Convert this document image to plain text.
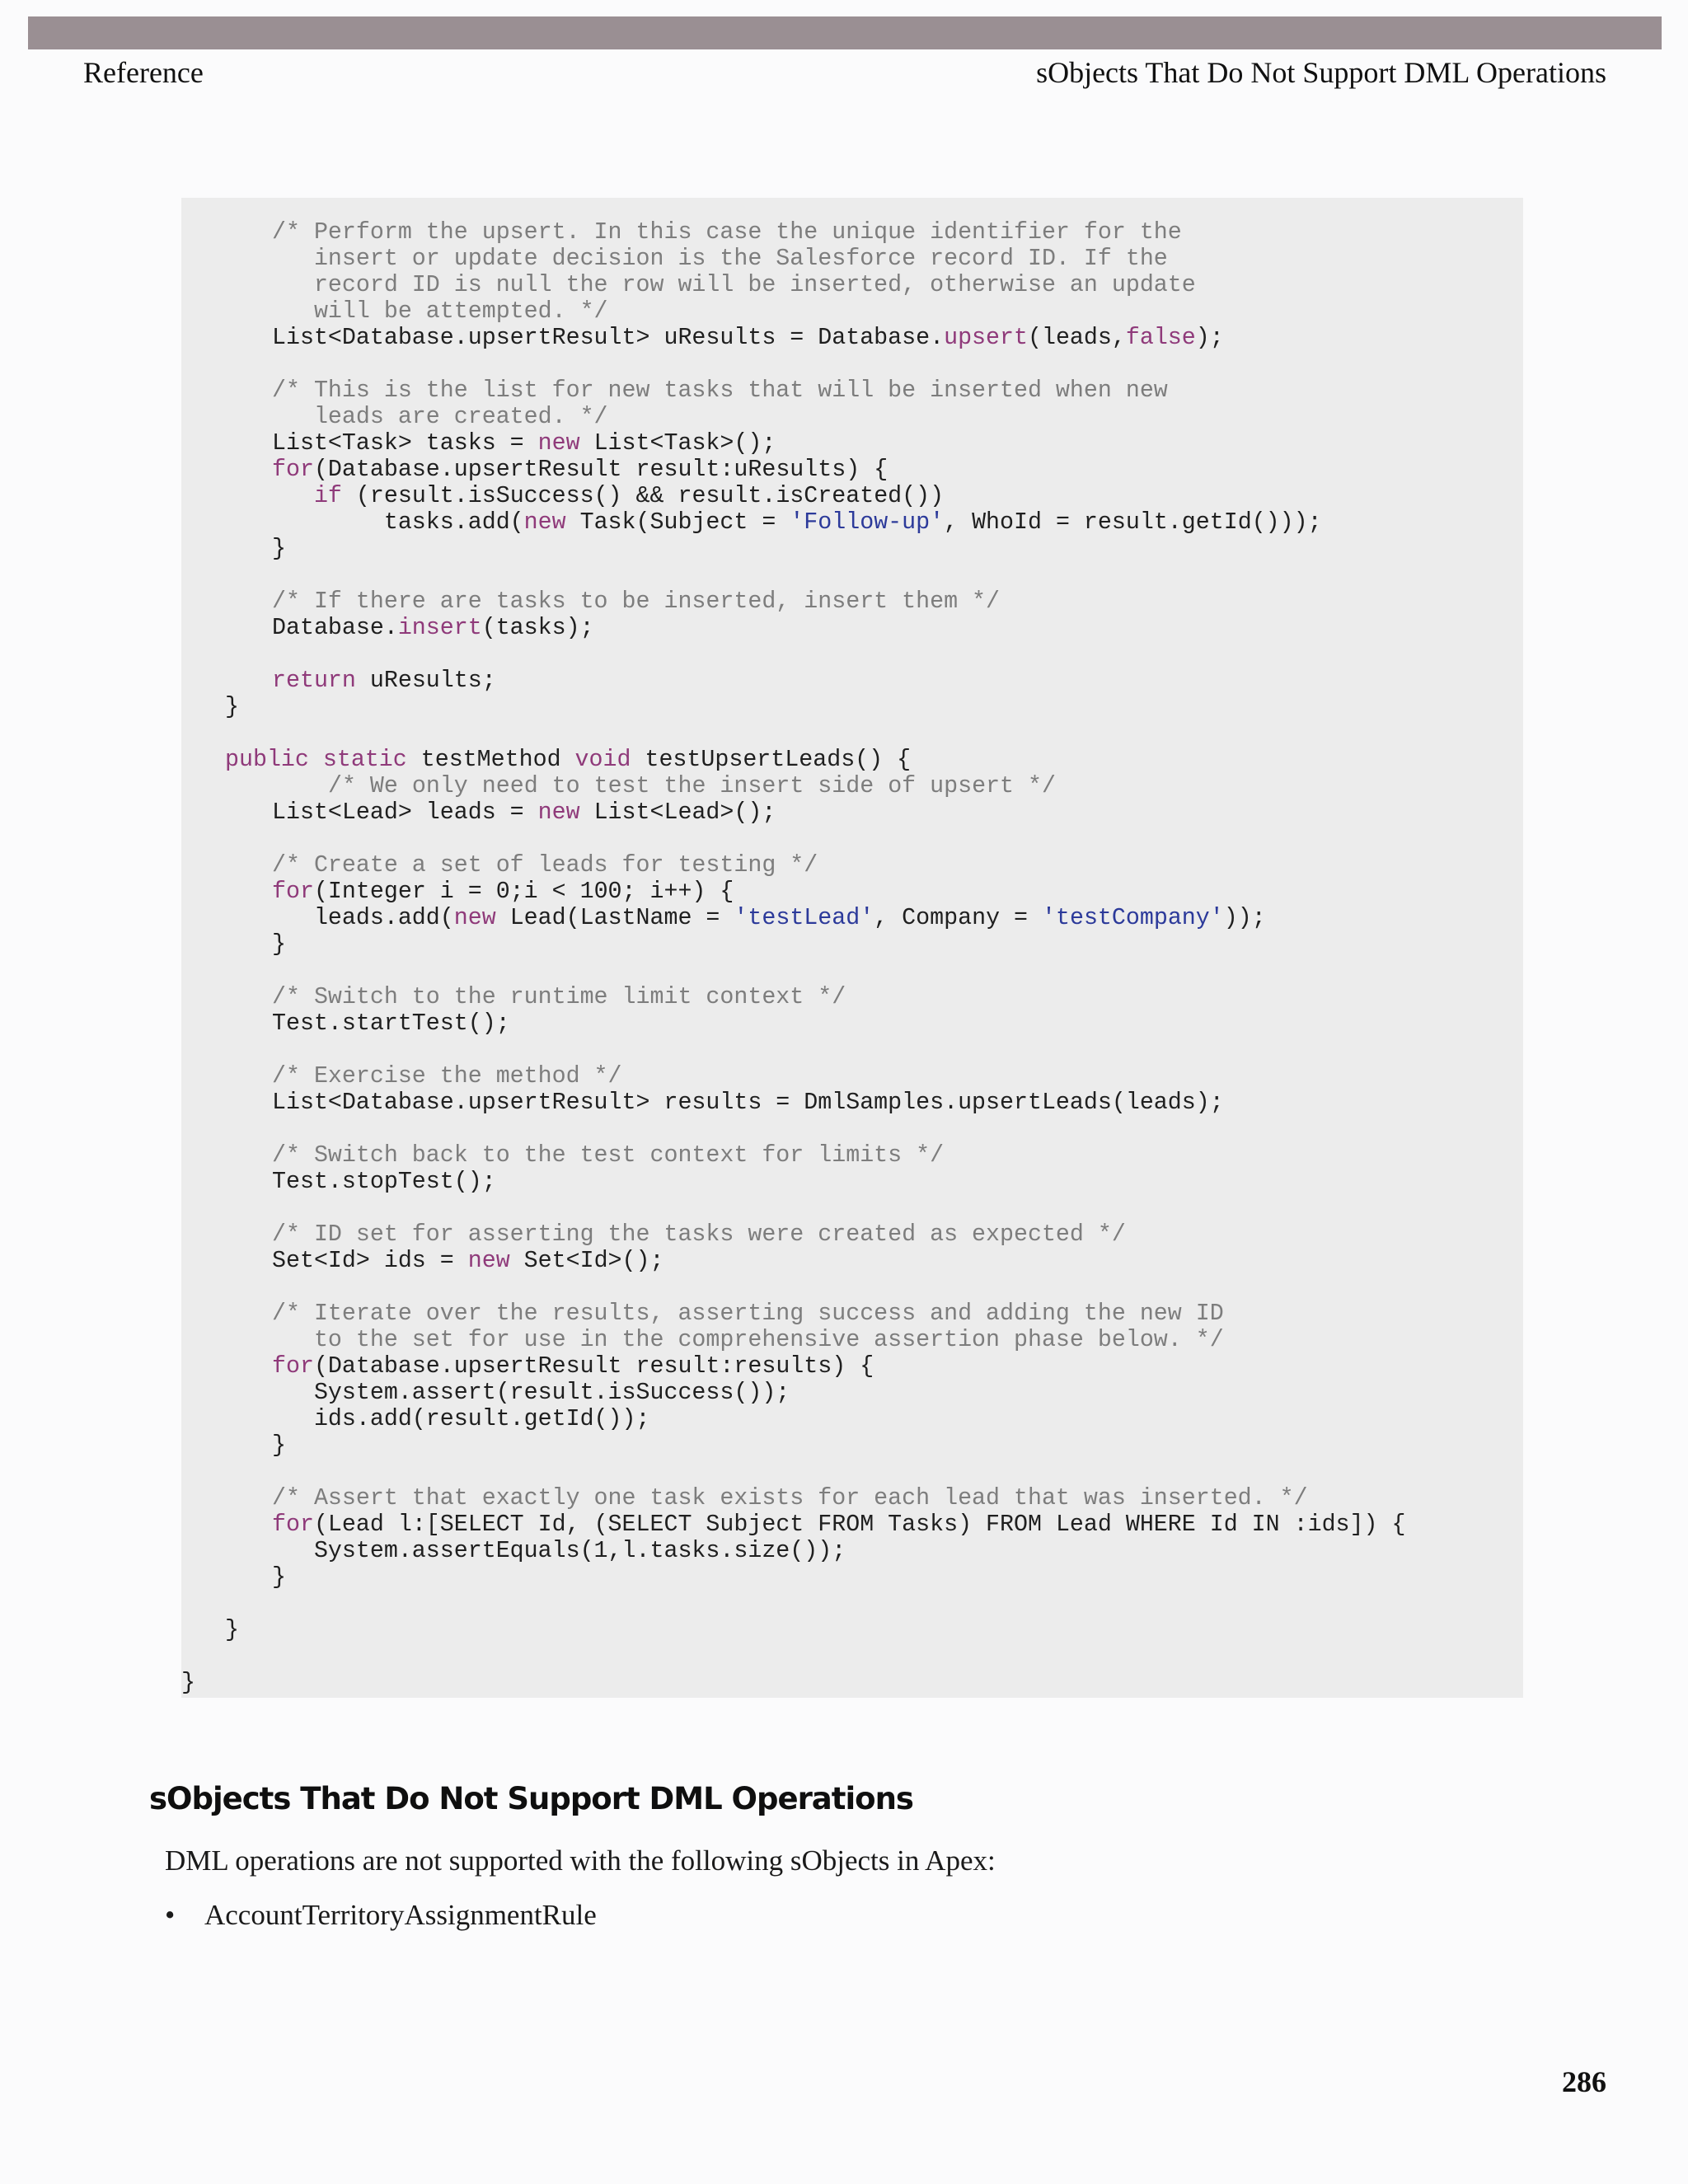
Reference	sObjects That Do Not Support DML Operations
/* Perform the upsert. In this case the unique identifier for the
insert or update decision is the Salesforce record ID. If the
record ID is null the row will be inserted, otherwise an update
will be attempted. */
List<Database.upsertResult> uResults = Database.upsert(leads,false);
/* This is the list for new tasks that will be inserted when new
leads are created. */
List<Task> tasks = new List<Task>();
for(Database.upsertResult result:uResults) {
if (result.isSuccess() && result.isCreated())
tasks.add(new Task(Subject = 'Follow-up', WhoId = result.getId()));
}
/* If there are tasks to be inserted, insert them */
Database.insert(tasks);
return uResults;
}
public static testMethod void testUpsertLeads() {
/* We only need to test the insert side of upsert */
List<Lead> leads = new List<Lead>();
/* Create a set of leads for testing */
for(Integer i = 0;i < 100; i++) {
leads.add(new Lead(LastName = 'testLead', Company = 'testCompany'));
}
/* Switch to the runtime limit context */
Test.startTest();
/* Exercise the method */
List<Database.upsertResult> results = DmlSamples.upsertLeads(leads);
/* Switch back to the test context for limits */
Test.stopTest();
/* ID set for asserting the tasks were created as expected */
Set<Id> ids = new Set<Id>();
/* Iterate over the results, asserting success and adding the new ID
to the set for use in the comprehensive assertion phase below. */
for(Database.upsertResult result:results) {
System.assert(result.isSuccess());
ids.add(result.getId());
}
/* Assert that exactly one task exists for each lead that was inserted. */
for(Lead l:[SELECT Id, (SELECT Subject FROM Tasks) FROM Lead WHERE Id IN :ids]) {
System.assertEquals(1,l.tasks.size());
}
}
}
sObjects That Do Not Support DML Operations

DML operations are not supported with the following sObjects in Apex:

•	AccountTerritoryAssignmentRule
286
